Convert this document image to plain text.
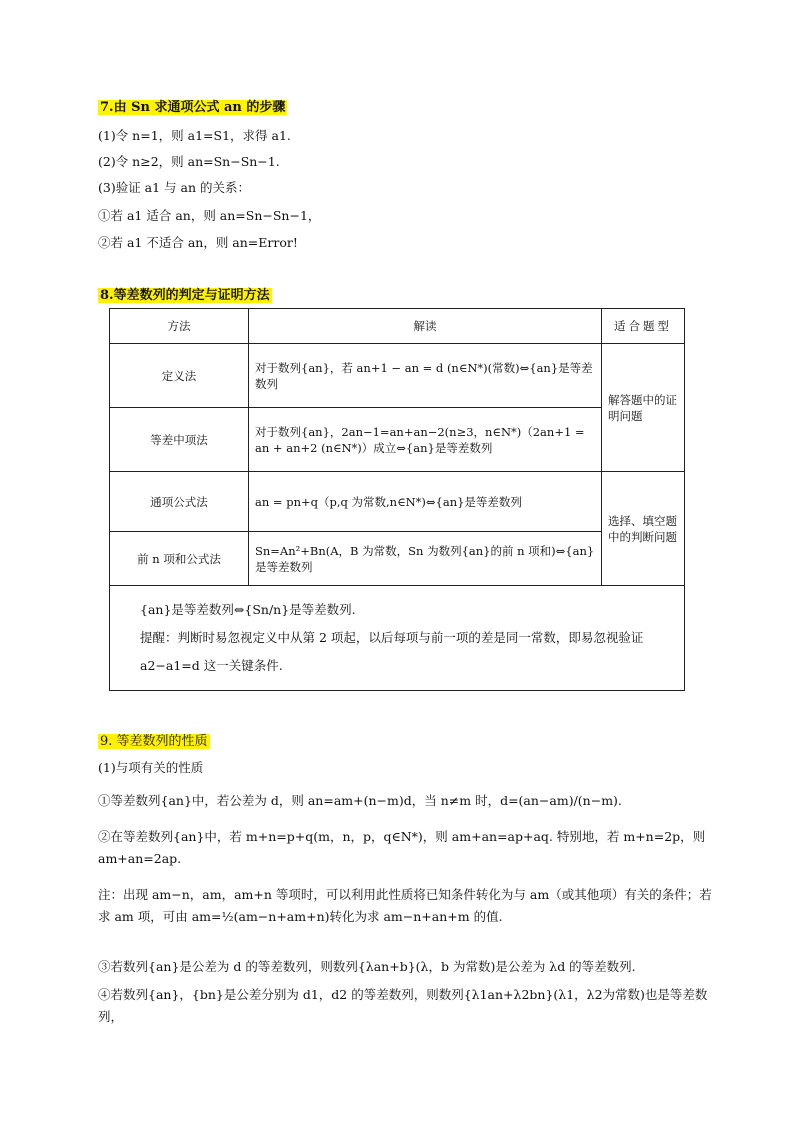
7.由 Sn 求通项公式 an 的步骤
(1)令 n=1，则 a1=S1，求得 a1.
(2)令 n≥2，则 an=Sn−Sn−1.
(3)验证 a1 与 an 的关系：
①若 a1 适合 an，则 an=Sn−Sn−1，
②若 a1 不适合 an，则 an=Error!
8.等差数列的判定与证明方法
方法	解读	适合题型
定义法	对于数列{an}，若 an+1 − an = d (n∈N*)(常数)⇔{an}是等差数列	解答题中的证明问题
等差中项法	对于数列{an}，2an−1=an+an−2(n≥3，n∈N*)（2an+1 = an + an+2 (n∈N*)）成立⇔{an}是等差数列	
通项公式法	an = pn+q（p,q 为常数,n∈N*)⇔{an}是等差数列	选择、填空题中的判断问题
前 n 项和公式法	Sn=An²+Bn(A，B 为常数，Sn 为数列{an}的前 n 项和)⇔{an}是等差数列	

{an}是等差数列⇔{Sn/n}是等差数列.
提醒：判断时易忽视定义中从第 2 项起，以后每项与前一项的差是同一常数，即易忽视验证 a2−a1=d 这一关键条件.		
9. 等差数列的性质
(1)与项有关的性质
①等差数列{an}中，若公差为 d，则 an=am+(n−m)d，当 n≠m 时，d=(an−am)/(n−m).
②在等差数列{an}中，若 m+n=p+q(m，n，p，q∈N*)，则 am+an=ap+aq. 特别地，若 m+n=2p，则 am+an=2ap.
注：出现 am−n，am，am+n 等项时，可以利用此性质将已知条件转化为与 am（或其他项）有关的条件；若求 am 项，可由 am=½(am−n+am+n)转化为求 am−n+an+m 的值.
③若数列{an}是公差为 d 的等差数列，则数列{λan+b}(λ，b 为常数)是公差为 λd 的等差数列.
④若数列{an}，{bn}是公差分别为 d1，d2 的等差数列，则数列{λ1an+λ2bn}(λ1，λ2为常数)也是等差数列，
